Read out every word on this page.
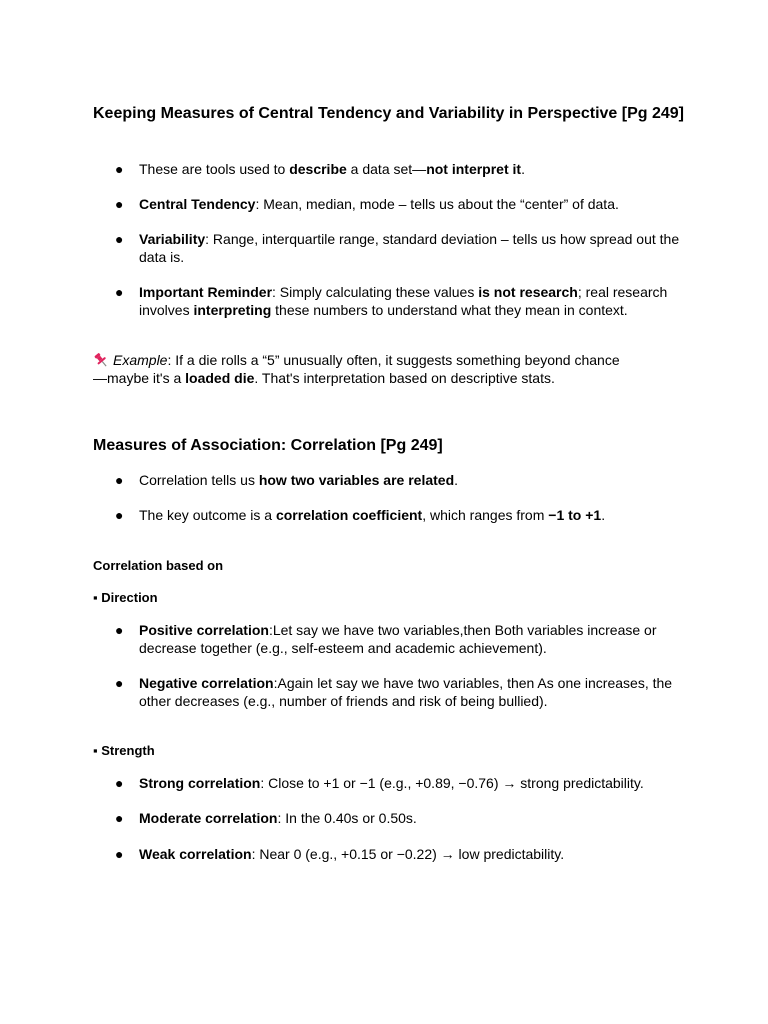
Keeping Measures of Central Tendency and Variability in Perspective [Pg 249]
● These are tools used to describe a data set—not interpret it.
● Central Tendency: Mean, median, mode – tells us about the “center” of data.
● Variability: Range, interquartile range, standard deviation – tells us how spread out the data is.
● Important Reminder: Simply calculating these values is not research; real research involves interpreting these numbers to understand what they mean in context.
Example: If a die rolls a “5” unusually often, it suggests something beyond chance—maybe it's a loaded die. That's interpretation based on descriptive stats.
Measures of Association: Correlation [Pg 249]
● Correlation tells us how two variables are related.
● The key outcome is a correlation coefficient, which ranges from −1 to +1.
Correlation based on
▪ Direction
● Positive correlation:Let say we have two variables,then Both variables increase or decrease together (e.g., self-esteem and academic achievement).
● Negative correlation:Again let say we have two variables, then As one increases, the other decreases (e.g., number of friends and risk of being bullied).
▪ Strength
● Strong correlation: Close to +1 or −1 (e.g., +0.89, −0.76) → strong predictability.
● Moderate correlation: In the 0.40s or 0.50s.
● Weak correlation: Near 0 (e.g., +0.15 or −0.22) → low predictability.
